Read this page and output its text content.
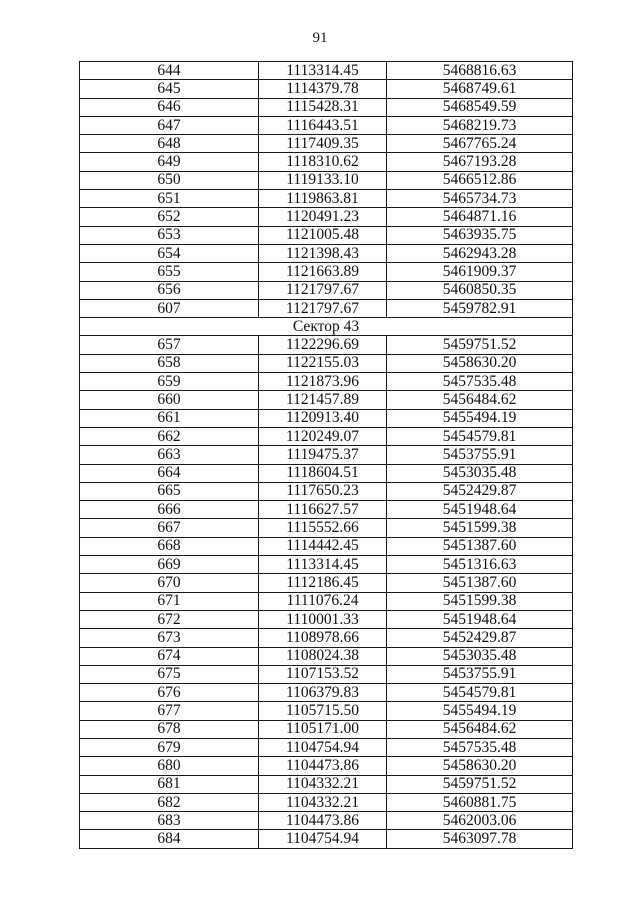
91
644	1113314.45	5468816.63
645	1114379.78	5468749.61
646	1115428.31	5468549.59
647	1116443.51	5468219.73
648	1117409.35	5467765.24
649	1118310.62	5467193.28
650	1119133.10	5466512.86
651	1119863.81	5465734.73
652	1120491.23	5464871.16
653	1121005.48	5463935.75
654	1121398.43	5462943.28
655	1121663.89	5461909.37
656	1121797.67	5460850.35
607	1121797.67	5459782.91
Сектор 43		
657	1122296.69	5459751.52
658	1122155.03	5458630.20
659	1121873.96	5457535.48
660	1121457.89	5456484.62
661	1120913.40	5455494.19
662	1120249.07	5454579.81
663	1119475.37	5453755.91
664	1118604.51	5453035.48
665	1117650.23	5452429.87
666	1116627.57	5451948.64
667	1115552.66	5451599.38
668	1114442.45	5451387.60
669	1113314.45	5451316.63
670	1112186.45	5451387.60
671	1111076.24	5451599.38
672	1110001.33	5451948.64
673	1108978.66	5452429.87
674	1108024.38	5453035.48
675	1107153.52	5453755.91
676	1106379.83	5454579.81
677	1105715.50	5455494.19
678	1105171.00	5456484.62
679	1104754.94	5457535.48
680	1104473.86	5458630.20
681	1104332.21	5459751.52
682	1104332.21	5460881.75
683	1104473.86	5462003.06
684	1104754.94	5463097.78
